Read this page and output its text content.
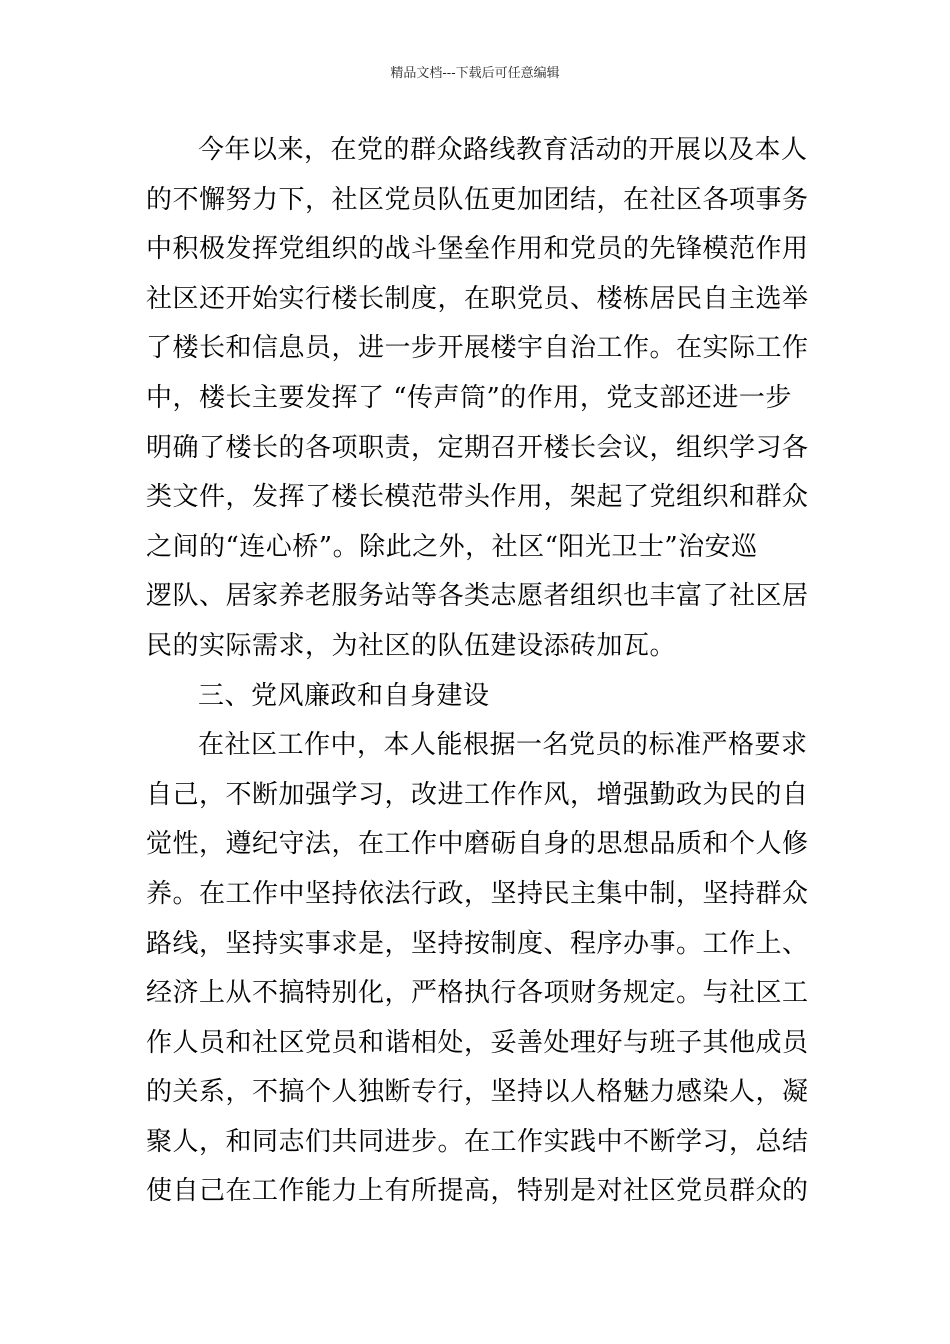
精品文档---下载后可任意编辑
今年以来，在党的群众路线教育活动的开展以及本人
的不懈努力下，社区党员队伍更加团结，在社区各项事务
中积极发挥党组织的战斗堡垒作用和党员的先锋模范作用
社区还开始实行楼长制度，在职党员、楼栋居民自主选举
了楼长和信息员，进一步开展楼宇自治工作。在实际工作
中，楼长主要发挥了 “传声筒”的作用，党支部还进一步
明确了楼长的各项职责，定期召开楼长会议，组织学习各
类文件，发挥了楼长模范带头作用，架起了党组织和群众
之间的“连心桥”。除此之外，社区“阳光卫士”治安巡
逻队、居家养老服务站等各类志愿者组织也丰富了社区居
民的实际需求，为社区的队伍建设添砖加瓦。
三、党风廉政和自身建设
在社区工作中，本人能根据一名党员的标准严格要求
自己，不断加强学习，改进工作作风，增强勤政为民的自
觉性，遵纪守法，在工作中磨砺自身的思想品质和个人修
养。在工作中坚持依法行政，坚持民主集中制，坚持群众
路线，坚持实事求是，坚持按制度、程序办事。工作上、
经济上从不搞特别化，严格执行各项财务规定。与社区工
作人员和社区党员和谐相处，妥善处理好与班子其他成员
的关系，不搞个人独断专行，坚持以人格魅力感染人，凝
聚人，和同志们共同进步。在工作实践中不断学习，总结
使自己在工作能力上有所提高，特别是对社区党员群众的
